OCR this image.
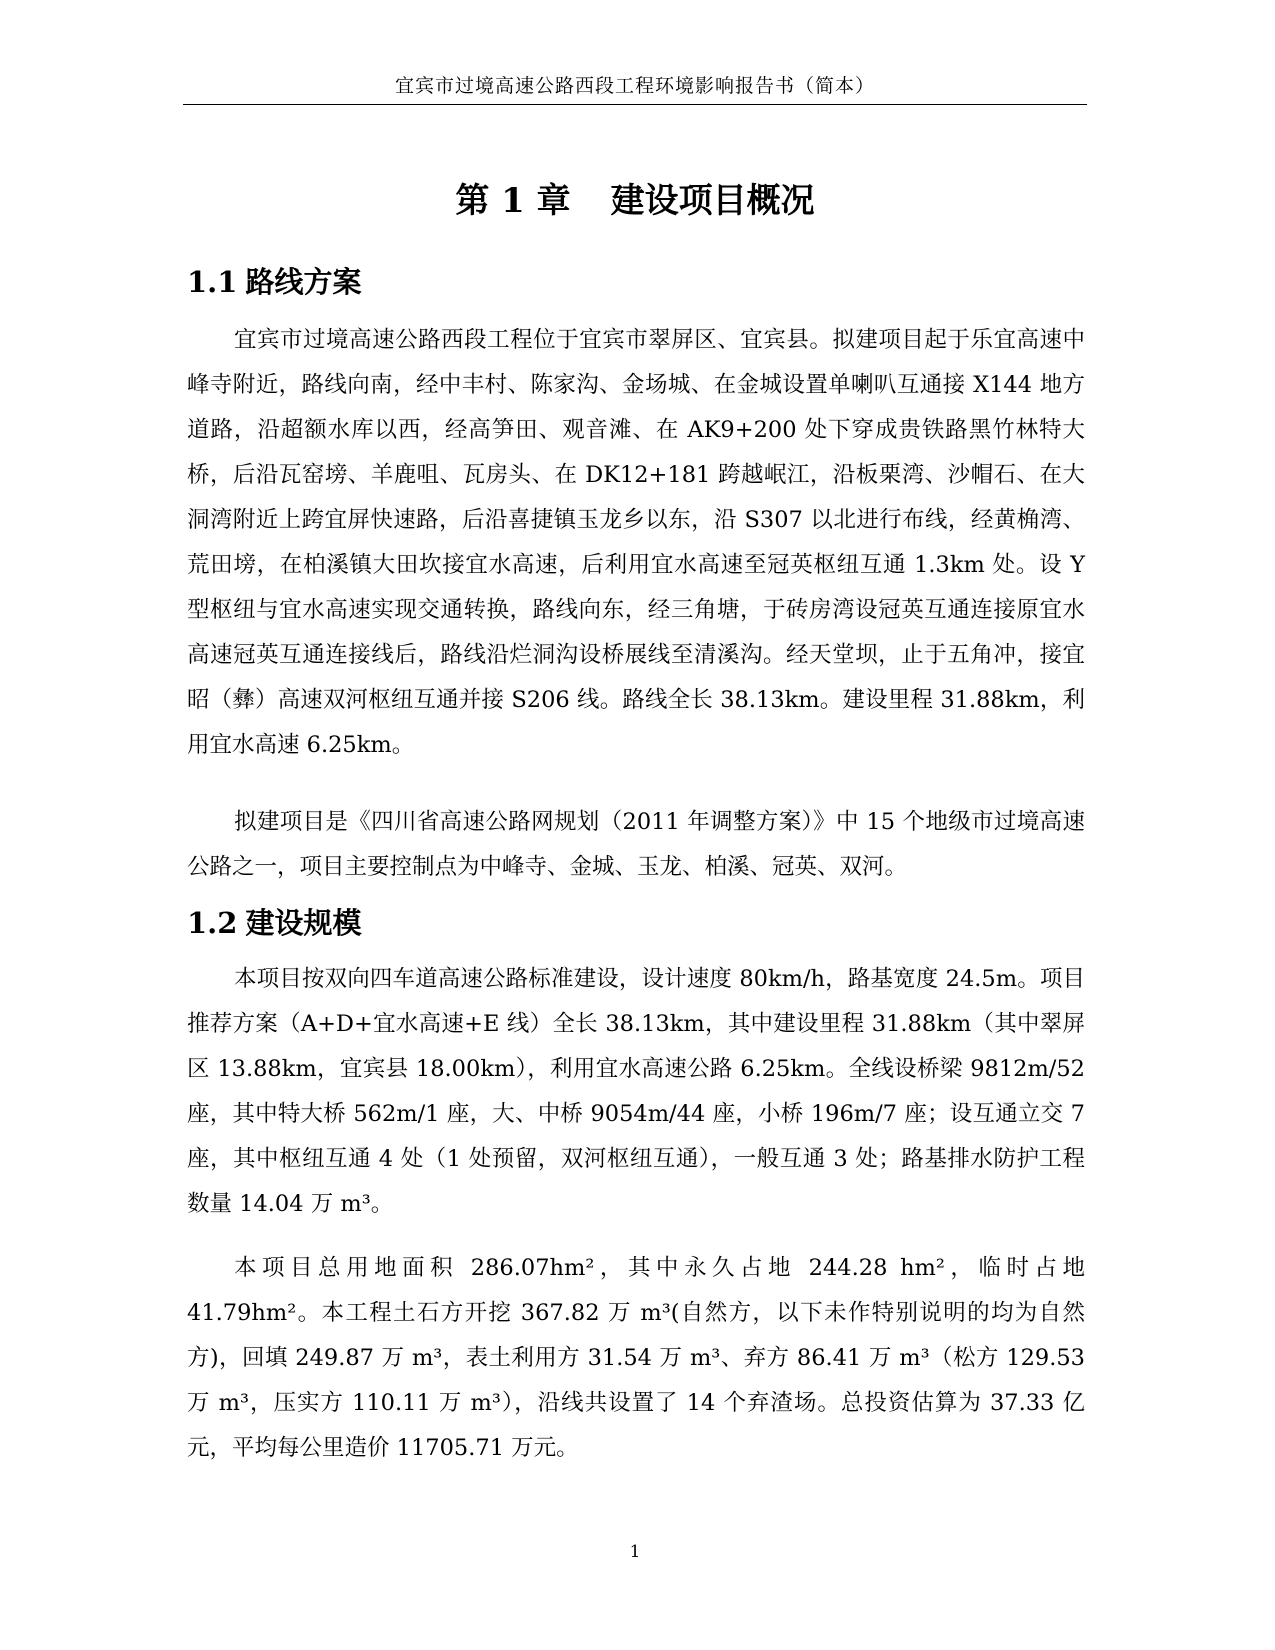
宜宾市过境高速公路西段工程环境影响报告书（简本）
第 1 章 建设项目概况
1.1 路线方案

宜宾市过境高速公路西段工程位于宜宾市翠屏区、宜宾县。拟建项目起于乐宜高速中峰寺附近，路线向南，经中丰村、陈家沟、金场城、在金城设置单喇叭互通接 X144 地方道路，沿超额水库以西，经高笋田、观音滩、在 AK9+200 处下穿成贵铁路黑竹林特大桥，后沿瓦窑塝、羊鹿咀、瓦房头、在 DK12+181 跨越岷江，沿板栗湾、沙帽石、在大洞湾附近上跨宜屏快速路，后沿喜捷镇玉龙乡以东，沿 S307 以北进行布线，经黄桷湾、荒田塝，在柏溪镇大田坎接宜水高速，后利用宜水高速至冠英枢纽互通 1.3km 处。设 Y 型枢纽与宜水高速实现交通转换，路线向东，经三角塘，于砖房湾设冠英互通连接原宜水高速冠英互通连接线后，路线沿烂洞沟设桥展线至清溪沟。经天堂坝，止于五角冲，接宜昭（彝）高速双河枢纽互通并接 S206 线。路线全长 38.13km。建设里程 31.88km，利用宜水高速 6.25km。

拟建项目是《四川省高速公路网规划（2011 年调整方案）》中 15 个地级市过境高速公路之一，项目主要控制点为中峰寺、金城、玉龙、柏溪、冠英、双河。

1.2 建设规模

本项目按双向四车道高速公路标准建设，设计速度 80km/h，路基宽度 24.5m。项目推荐方案（A+D+宜水高速+E 线）全长 38.13km，其中建设里程 31.88km（其中翠屏区 13.88km，宜宾县 18.00km），利用宜水高速公路 6.25km。全线设桥梁 9812m/52 座，其中特大桥 562m/1 座，大、中桥 9054m/44 座，小桥 196m/7 座；设互通立交 7 座，其中枢纽互通 4 处（1 处预留，双河枢纽互通），一般互通 3 处；路基排水防护工程数量 14.04 万 m³。

本项目总用地面积 286.07hm²，其中永久占地 244.28 hm²，临时占地 41.79hm²。本工程土石方开挖 367.82 万 m³(自然方，以下未作特别说明的均为自然方)，回填 249.87 万 m³，表土利用方 31.54 万 m³、弃方 86.41 万 m³（松方 129.53 万 m³，压实方 110.11 万 m³），沿线共设置了 14 个弃渣场。总投资估算为 37.33 亿元，平均每公里造价 11705.71 万元。

1
